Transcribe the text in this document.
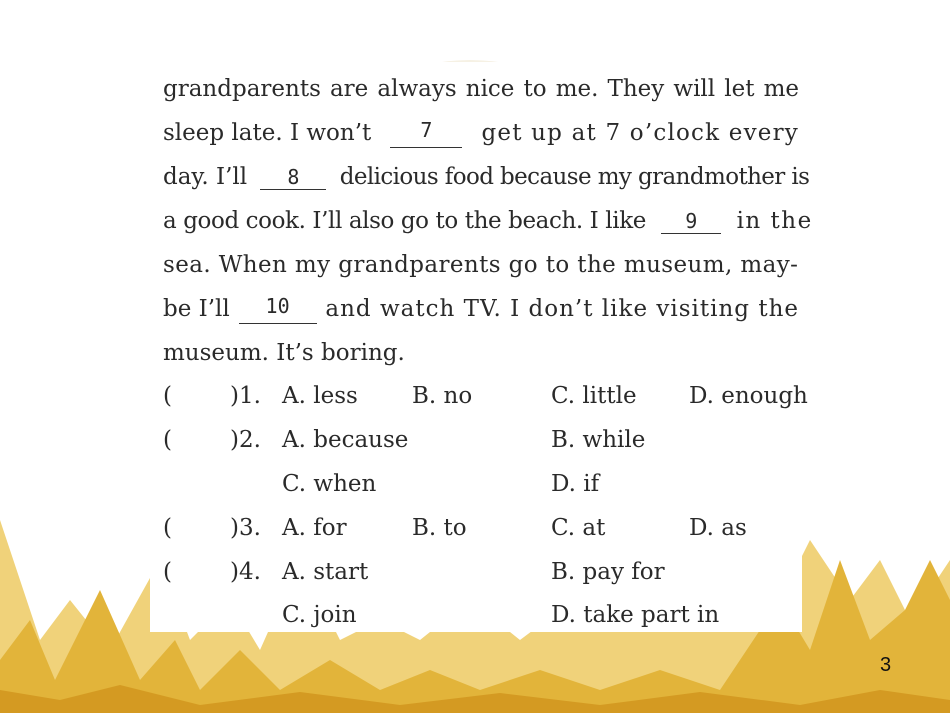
grandparents are always nice to me. They will let me
sleep late. I won’t	7	get up at 7 o’clock every
day. I’ll 8 delicious food because my grandmother is
a good cook. I’ll also go to the beach. I like 9 in the
sea. When my grandparents go to the museum, may-
be I’ll	10	and watch TV. I don’t like visiting the
museum. It’s boring.
(	)1. A. less B. no	C. little D. enough
(	)2. A. because	B. while
C. when	D. if
(	)3. A. for	B. to	C. at	D. as
(	)4. A. start	B. pay for
C. join	D. take part in
3
